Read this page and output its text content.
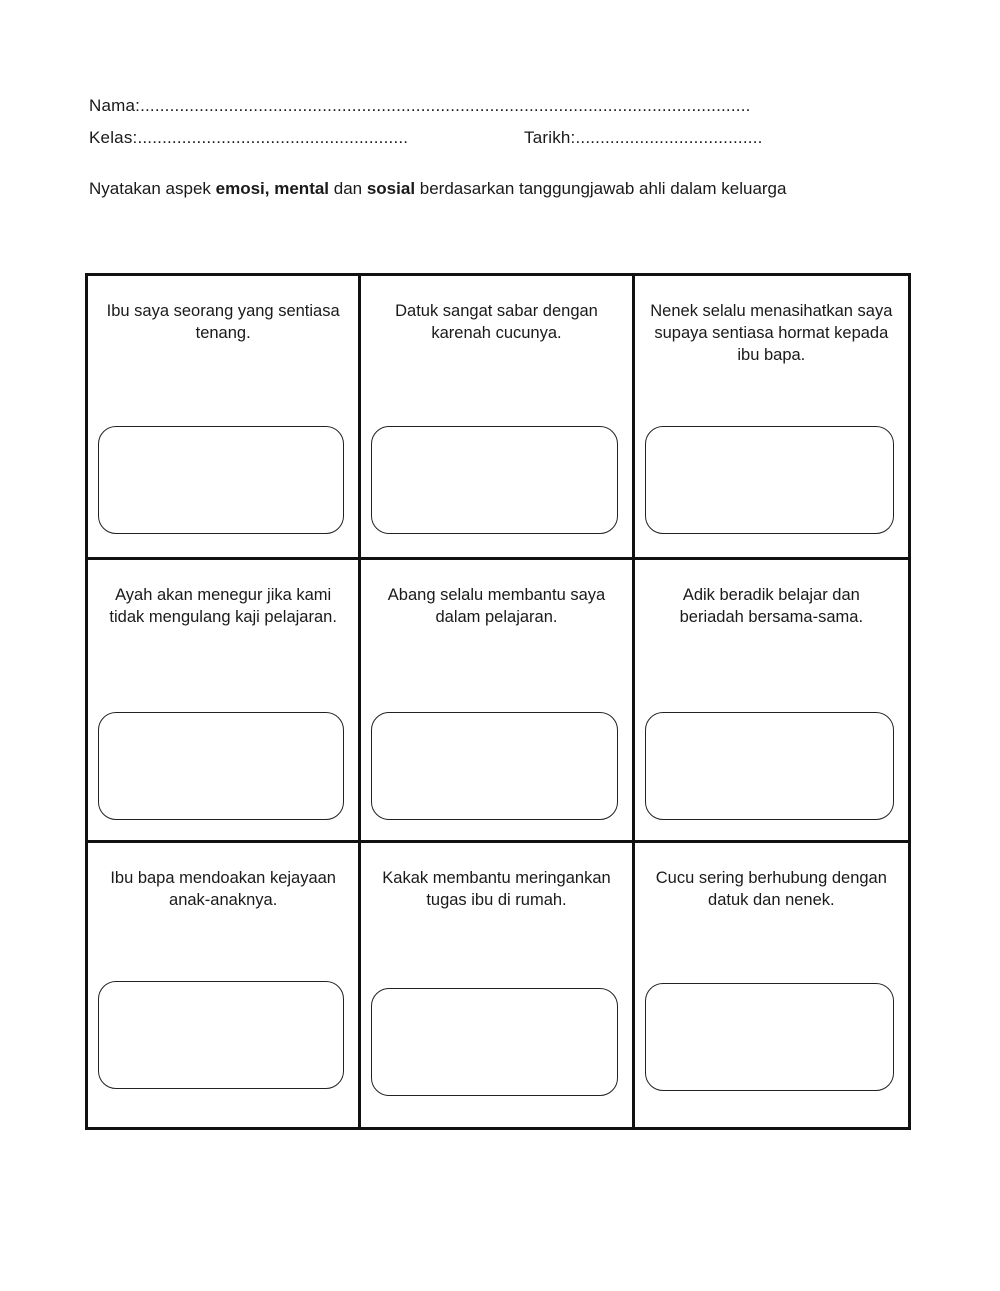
Nama:............................................................................................................................
Kelas:.......................................................	Tarikh:......................................
Nyatakan aspek emosi, mental dan sosial berdasarkan tanggungjawab ahli dalam keluarga
Ibu saya seorang yang sentiasa tenang.
Datuk sangat sabar dengan karenah cucunya.
Nenek selalu menasihatkan saya supaya sentiasa hormat kepada ibu bapa.
Ayah akan menegur jika kami tidak mengulang kaji pelajaran.
Abang selalu membantu saya dalam pelajaran.
Adik beradik belajar dan beriadah bersama-sama.
Ibu bapa mendoakan kejayaan anak-anaknya.
Kakak membantu meringankan tugas ibu di rumah.
Cucu sering berhubung dengan datuk dan nenek.
